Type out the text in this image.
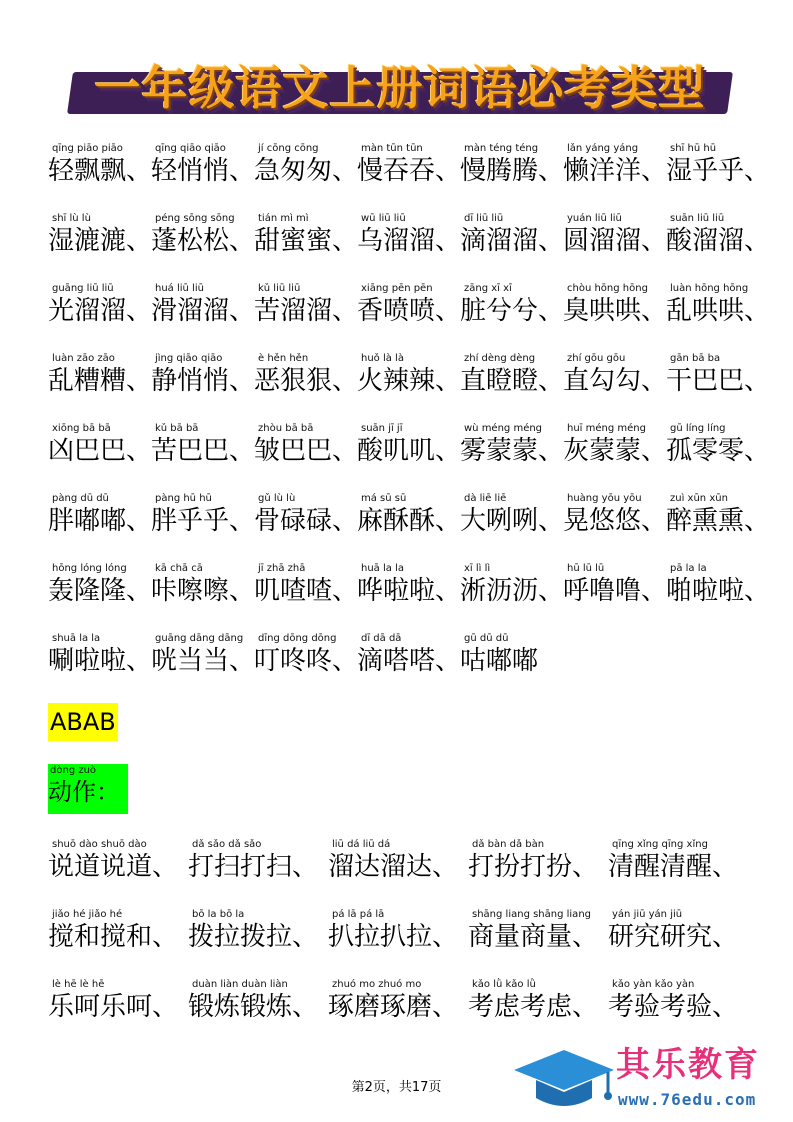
一年级语文上册词语必考类型
qīng piāo piāo
轻飘飘、
qīng qiāo qiāo
轻悄悄、
jí cōng cōng
急匆匆、
màn tūn tūn
慢吞吞、
màn téng téng
慢腾腾、
lǎn yáng yáng
懒洋洋、
shī hū hū
湿乎乎、
shī lù lù
湿漉漉、
péng sōng sōng
蓬松松、
tián mì mì
甜蜜蜜、
wū liū liū
乌溜溜、
dī liū liū
滴溜溜、
yuán liū liū
圆溜溜、
suān liū liū
酸溜溜、
guāng liū liū
光溜溜、
huá liū liū
滑溜溜、
kǔ liū liū
苦溜溜、
xiāng pēn pēn
香喷喷、
zāng xī xī
脏兮兮、
chòu hōng hōng
臭哄哄、
luàn hōng hōng
乱哄哄、
luàn zāo zāo
乱糟糟、
jìng qiāo qiāo
静悄悄、
è hěn hěn
恶狠狠、
huǒ là là
火辣辣、
zhí dèng dèng
直瞪瞪、
zhí gōu gōu
直勾勾、
gān bā ba
干巴巴、
xiōng bā bā
凶巴巴、
kǔ bā bā
苦巴巴、
zhòu bā bā
皱巴巴、
suān jī jī
酸叽叽、
wù méng méng
雾蒙蒙、
huī méng méng
灰蒙蒙、
gū líng líng
孤零零、
pàng dū dū
胖嘟嘟、
pàng hū hū
胖乎乎、
gǔ lù lù
骨碌碌、
má sū sū
麻酥酥、
dà liē liē
大咧咧、
huàng yōu yōu
晃悠悠、
zuì xūn xūn
醉熏熏、
hōng lóng lóng
轰隆隆、
kā chā cā
咔嚓嚓、
jī zhā zhā
叽喳喳、
huā la la
哗啦啦、
xī lì lì
淅沥沥、
hū lū lū
呼噜噜、
pā la la
啪啦啦、
shuā la la
唰啦啦、
guāng dāng dāng
咣当当、
dīng dōng dōng
叮咚咚、
dī dā dā
滴嗒嗒、
gū dū dū
咕嘟嘟
ABAB
dòng zuò
动作：
shuō dào shuō dào
说道说道、
dǎ sǎo dǎ sǎo
打扫打扫、
liū dá liū dá
溜达溜达、
dǎ bàn dǎ bàn
打扮打扮、
qīng xǐng qīng xǐng
清醒清醒、
jiǎo hé jiǎo hé
搅和搅和、
bō la bō la
拨拉拨拉、
pá lā pá lā
扒拉扒拉、
shāng liang shāng liang
商量商量、
yán jiū yán jiū
研究研究、
lè hē lè hē
乐呵乐呵、
duàn liàn duàn liàn
锻炼锻炼、
zhuó mo zhuó mo
琢磨琢磨、
kǎo lǜ kǎo lǜ
考虑考虑、
kǎo yàn kǎo yàn
考验考验、
第2页，共17页
其乐教育
www.76edu.com
